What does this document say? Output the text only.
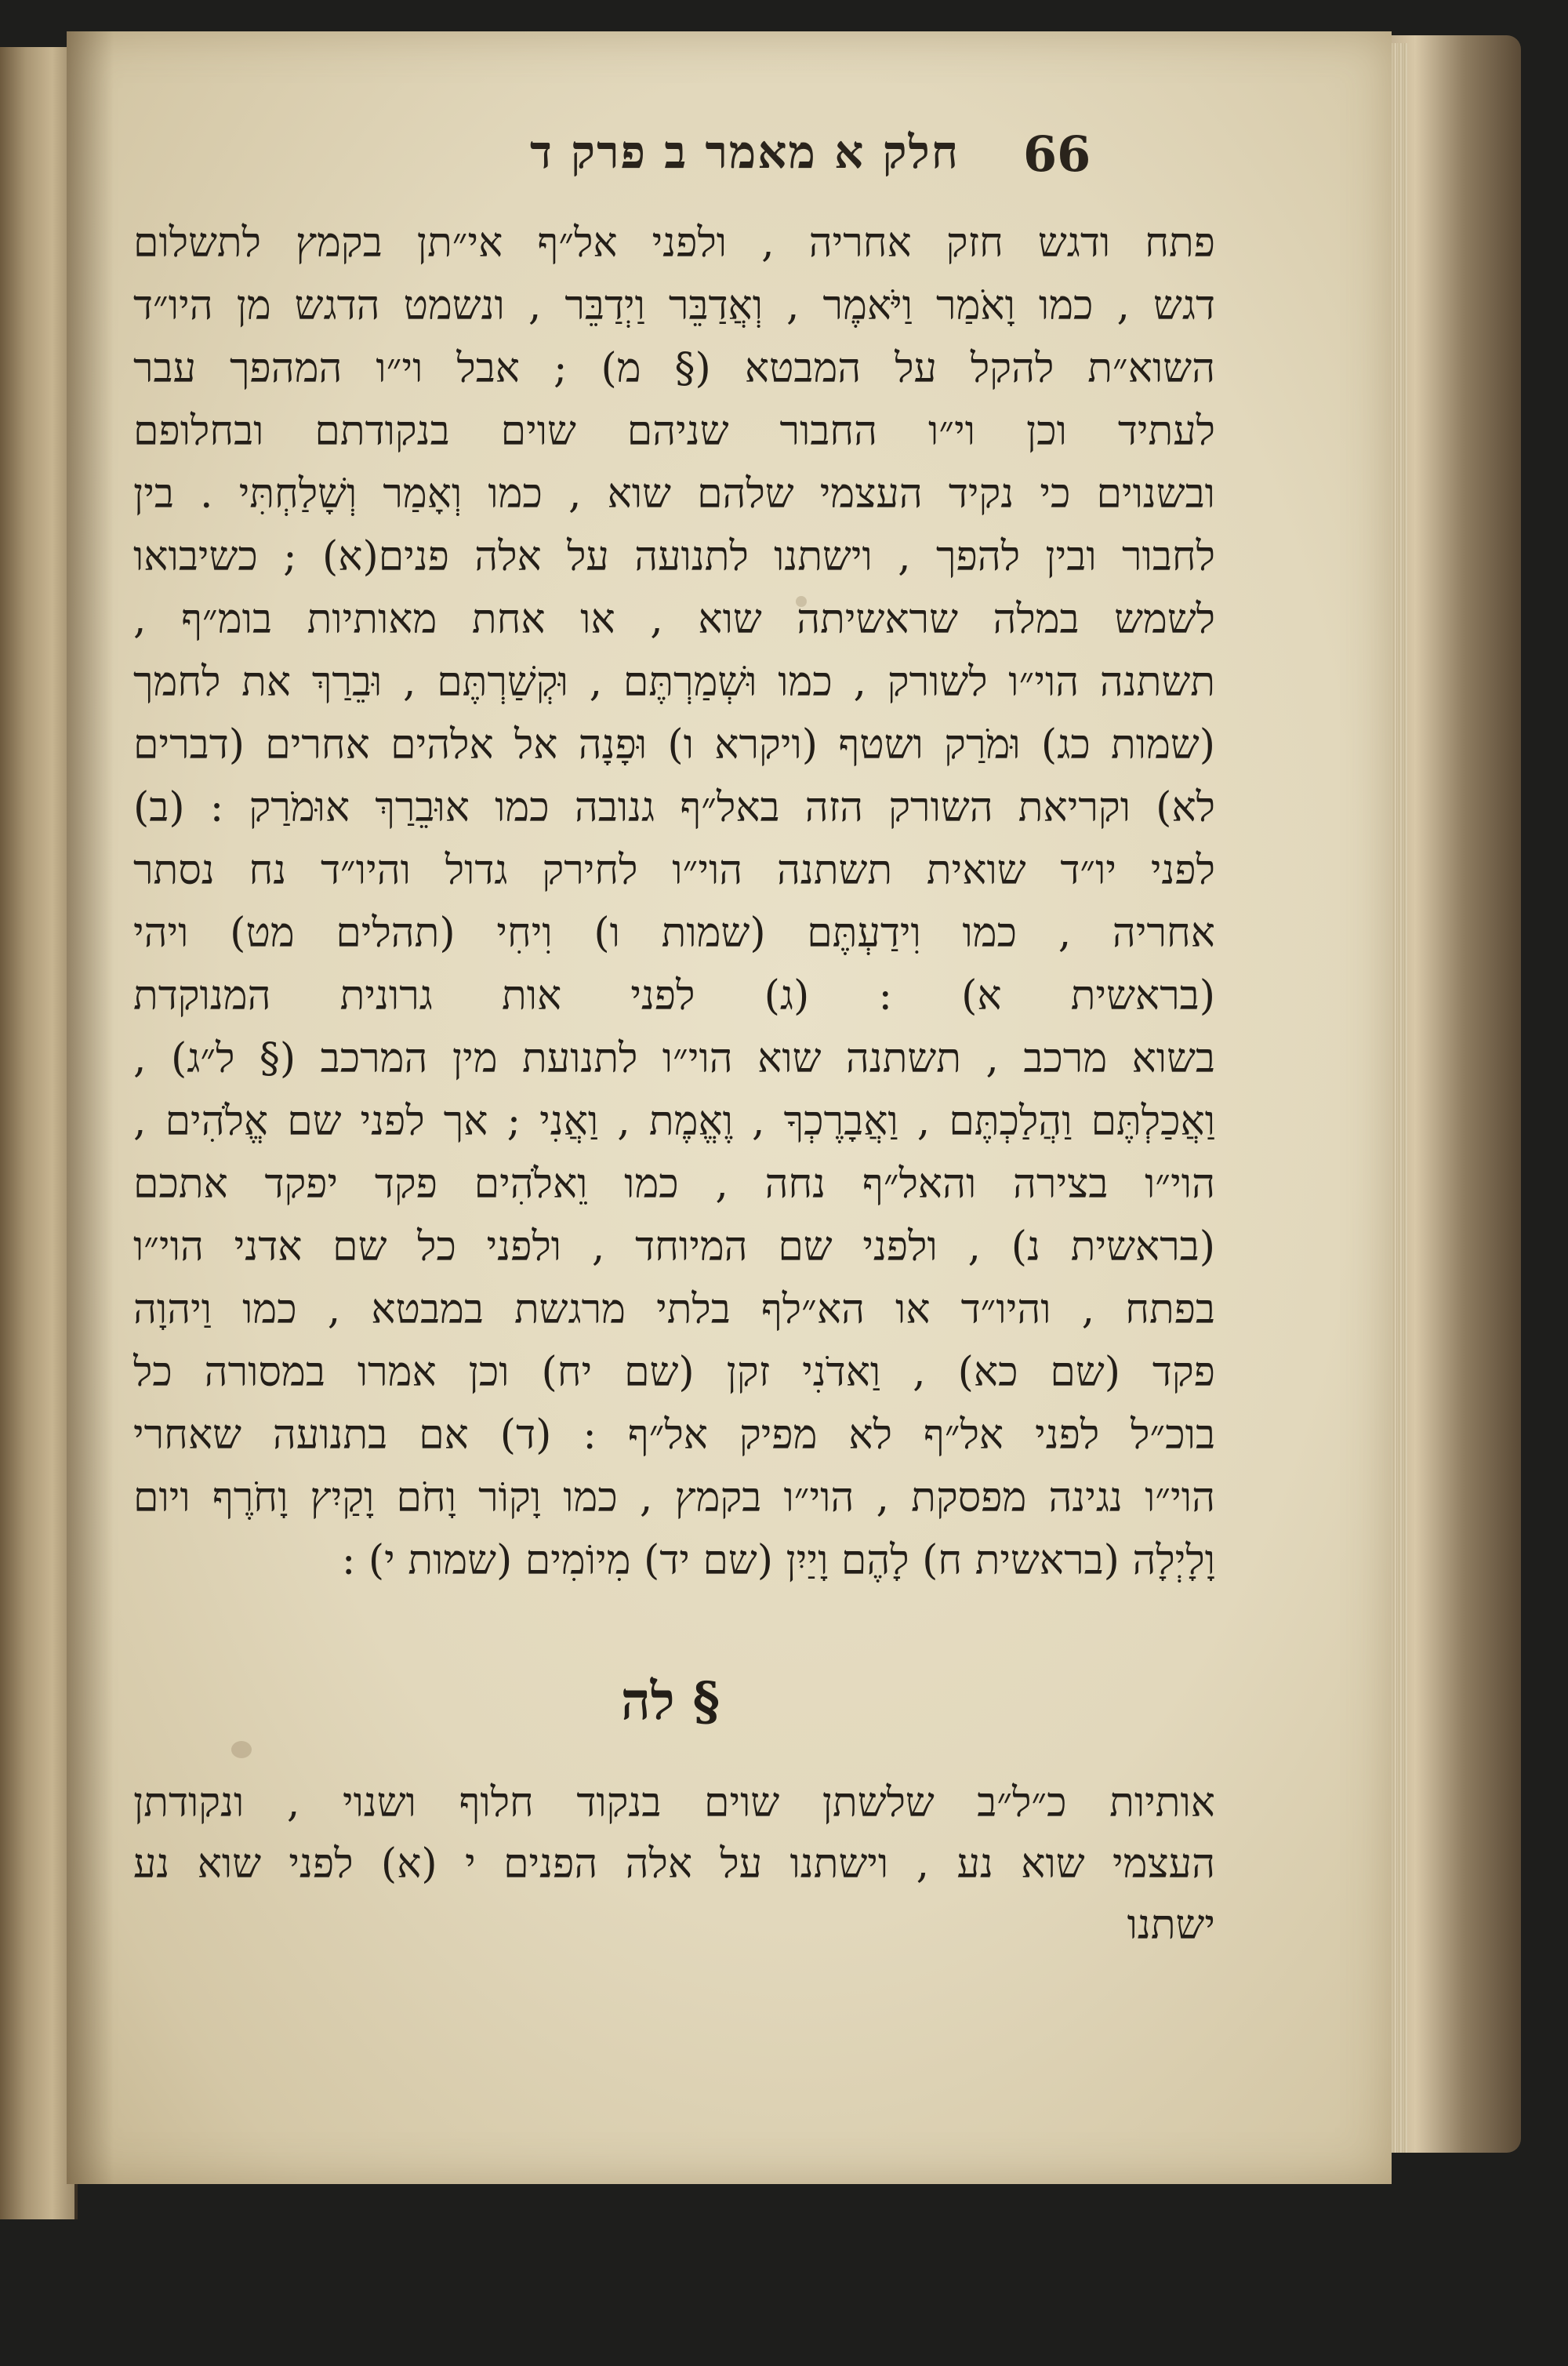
חלק א מאמר ב פרק ד 66
פתח ודגש חזק אחריה , ולפני אל״ף אי״תן בקמץ לתשלום
דגש , כמו וָאֹמַר וַיֹּאמֶר , וְאֲדַבֵּר וַיְדַבֵּר , ונשמט הדגש מן היו״ד
השוא״ת להקל על המבטא (§ מ) ; אבל וי״ו המהפך עבר
לעתיד וכן וי״ו החבור שניהם שוים בנקודתם ובחלופם
ובשנוים כי נקיד העצמי שלהם שוא , כמו וְאָמַר וְשָׁלַחְתִּי . בין
לחבור ובין להפך , וישתנו לתנועה על אלה פנים(א) ; כשיבואו
לשמש במלה שראשיתה שוא , או אחת מאותיות בומ״ף ,
תשתנה הוי״ו לשורק , כמו וּשְׁמַרְתֶּם , וּקְשַׁרְתֶּם , וּבֵרַךְ את לחמך
(שמות כג) וּמֹרַק ושטף (ויקרא ו) וּפָנָה אל אלהים אחרים (דברים
לא) וקריאת השורק הזה באל״ף גנובה כמו אוּבֵרַךְ אוּמֹרַק : (ב)
לפני יו״ד שואית תשתנה הוי״ו לחירק גדול והיו״ד נח נסתר
אחריה , כמו וִידַעְתֶּם (שמות ו) וִיחִי (תהלים מט) ויהי
(בראשית א) : (ג) לפני אות גרונית המנוקדת
בשוא מרכב , תשתנה שוא הוי״ו לתנועת מין המרכב (§ ל״ג) ,
וַאֲכַלְתֶּם וַהֲלַכְתֶּם , וַאֲבָרֶכְךָ , וֶאֱמֶת , וַאֲנִי ; אך לפני שם אֱלֹהִים ,
הוי״ו בצירה והאל״ף נחה , כמו וֵאלֹהִים פקד יפקד אתכם
(בראשית נ) , ולפני שם המיוחד , ולפני כל שם אדני הוי״ו
בפתח , והיו״ד או הא״לף בלתי מרגשת במבטא , כמו וַיהוָה
פקד (שם כא) , וַאדֹנִי זקן (שם יח) וכן אמרו במסורה כל
בוכ״ל לפני אל״ף לא מפיק אל״ף : (ד) אם בתנועה שאחרי
הוי״ו נגינה מפסקת , הוי״ו בקמץ , כמו וָקוֹר וָחֹם וָקַיִץ וָחֹרֶף ויום
וָלָיְלָה (בראשית ח) לָהֶם וָיַיִן (שם יד) מִיוֹמִים (שמות י) :
§ לה
אותיות כ״ל״ב שלשתן שוים בנקוד חלוף ושנוי , ונקודתן
העצמי שוא נע , וישתנו על אלה הפנים י (א) לפני שוא נע
ישתנו
